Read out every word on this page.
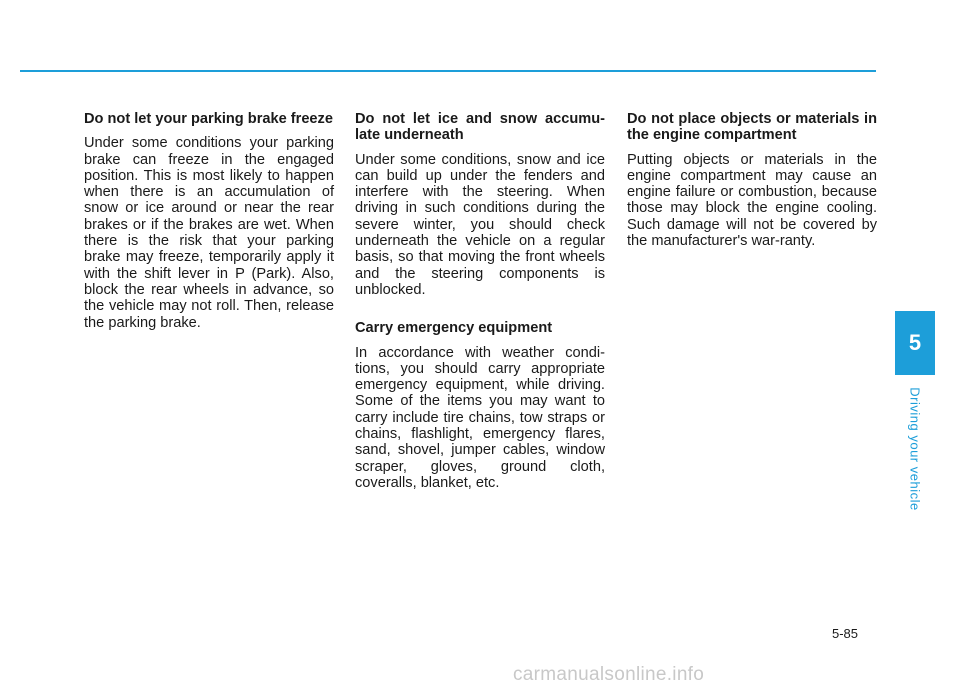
Do not let your parking brake freeze

Under some conditions your parking brake can freeze in the engaged position. This is most likely to happen when there is an accumulation of snow or ice around or near the rear brakes or if the brakes are wet. When there is the risk that your parking brake may freeze, temporarily apply it with the shift lever in P (Park). Also, block the rear wheels in advance, so the vehicle may not roll. Then, release the parking brake.

Do not let ice and snow accumu-late underneath

Under some conditions, snow and ice can build up under the fenders and interfere with the steering. When driving in such conditions during the severe winter, you should check underneath the vehicle on a regular basis, so that moving the front wheels and the steering components is unblocked.

Carry emergency equipment

In accordance with weather condi-tions, you should carry appropriate emergency equipment, while driving. Some of the items you may want to carry include tire chains, tow straps or chains, flashlight, emergency flares, sand, shovel, jumper cables, window scraper, gloves, ground cloth, coveralls, blanket, etc.

Do not place objects or materials in the engine compartment

Putting objects or materials in the engine compartment may cause an engine failure or combustion, because those may block the engine cooling. Such damage will not be covered by the manufacturer's war-ranty.

5
Driving your vehicle
5-85
carmanualsonline.info
